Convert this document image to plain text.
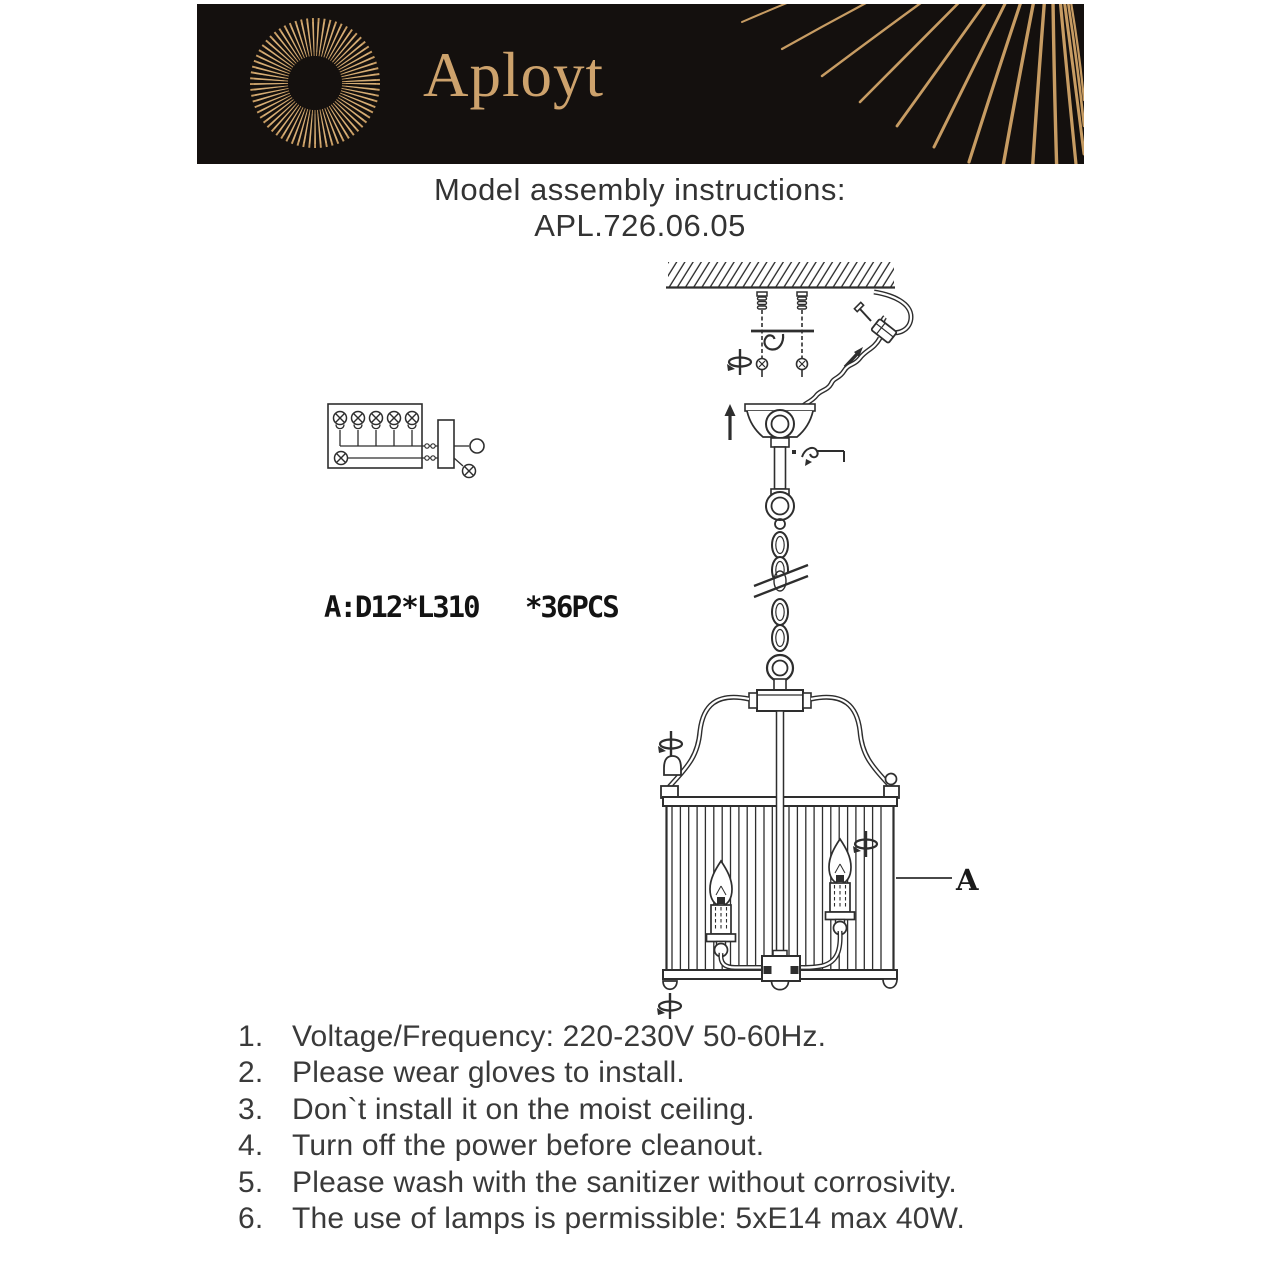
Aployt
Model assembly instructions:
APL.726.06.05
A:D12*L310   *36PCS
A
1. Voltage/Frequency: 220-230V 50-60Hz.
2. Please wear gloves to install.
3. Don`t install it on the moist ceiling.
4. Turn off the power before cleanout.
5. Please wash with the sanitizer without corrosivity.
6. The use of lamps is permissible: 5xE14 max 40W.
